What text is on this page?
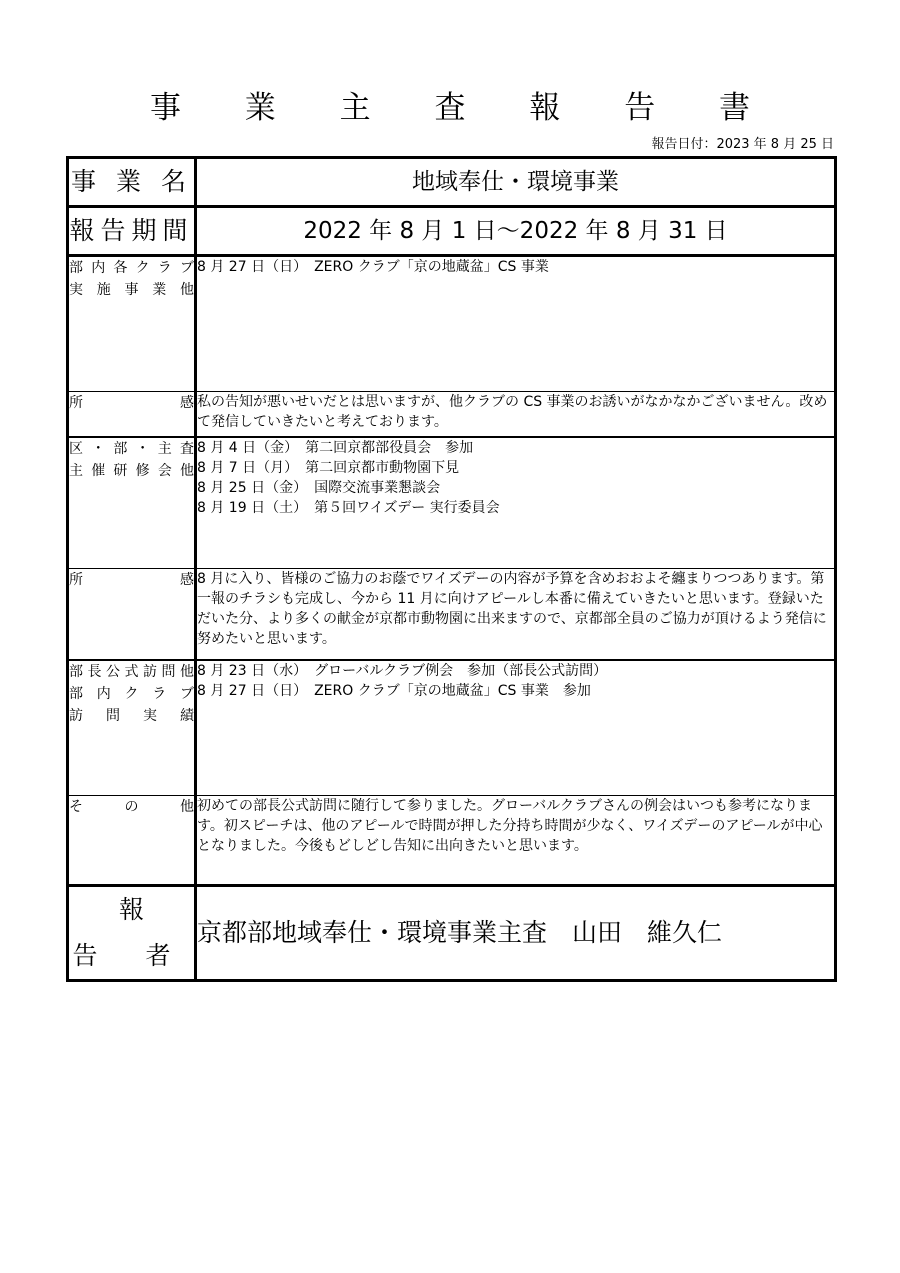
事 業 主 査 報 告 書
報告日付：2023 年 8 月 25 日
事 業 名	地域奉仕・環境事業
報告期間	2022 年 8 月 1 日～2022 年 8 月 31 日

部内各クラブ
実施事業他	8 月 27 日（日）　ZERO クラブ「京の地蔵盆」CS 事業

所感	私の告知が悪いせいだとは思いますが、他クラブの CS 事業のお誘いがなかなかございません。改めて発信していきたいと考えております。

区・部・主査
主催研修会他	8 月 4 日（金）　第二回京都部役員会　参加
8 月 7 日（月）　第二回京都市動物園下見
8 月 25 日（金）　国際交流事業懇談会
8 月 19 日（土）　第５回ワイズデー 実行委員会

所感	8 月に入り、皆様のご協力のお蔭でワイズデーの内容が予算を含めおおよそ纏まりつつあります。第一報のチラシも完成し、今から 11 月に向けアピールし本番に備えていきたいと思います。登録いただいた分、より多くの献金が京都市動物園に出来ますので、京都部全員のご協力が頂けるよう発信に努めたいと思います。

部長公式訪問他
部内クラブ
訪問実績	8 月 23 日（水）　グローバルクラブ例会　参加（部長公式訪問）
8 月 27 日（日）　ZERO クラブ「京の地蔵盆」CS 事業　参加

その他	初めての部長公式訪問に随行して参りました。グローバルクラブさんの例会はいつも参考になります。初スピーチは、他のアピールで時間が押した分持ち時間が少なく、ワイズデーのアピールが中心となりました。今後もどしどし告知に出向きたいと思います。

報 告 者	京都部地域奉仕・環境事業主査　山田　維久仁
